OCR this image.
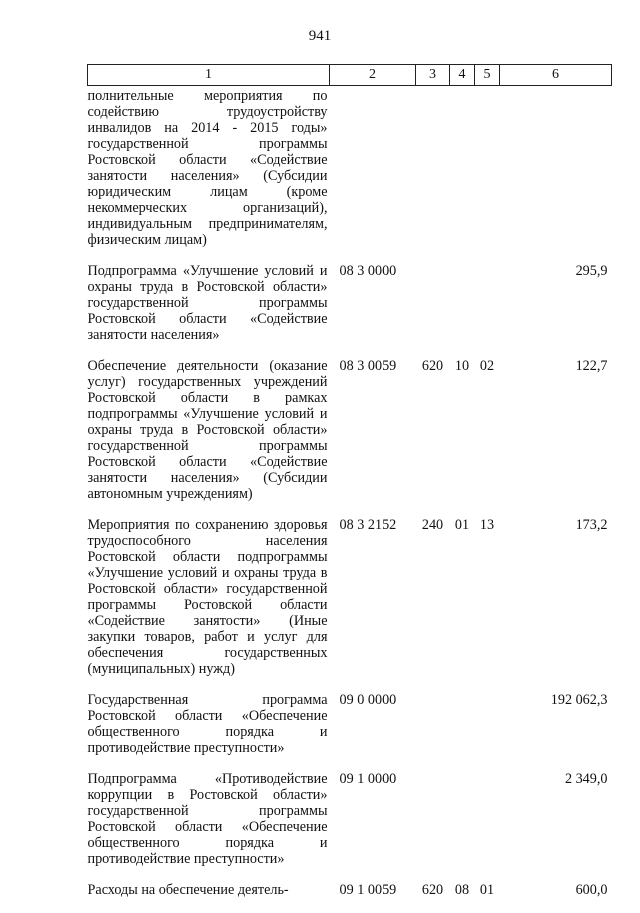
941
1	2	3	4	5	6
полнительные мероприятия по содействию трудоустройству инвалидов на 2014 - 2015 годы» государственной программы Ростовской области «Содействие занятости населения» (Субсидии юридическим лицам (кроме некоммерческих организаций), индивидуальным предпринимателям, физическим лицам)					
Подпрограмма «Улучшение условий и охраны труда в Ростовской области» государственной программы Ростовской области «Содействие занятости населения»	08 3 0000				295,9
Обеспечение деятельности (оказание услуг) государственных учреждений Ростовской области в рамках подпрограммы «Улучшение условий и охраны труда в Ростовской области» государственной программы Ростовской области «Содействие занятости населения» (Субсидии автономным учреждениям)	08 3 0059	620	10	02	122,7
Мероприятия по сохранению здоровья трудоспособного населения Ростовской области подпрограммы «Улучшение условий и охраны труда в Ростовской области» государственной программы Ростовской области «Содействие занятости» (Иные закупки товаров, работ и услуг для обеспечения государственных (муниципальных) нужд)	08 3 2152	240	01	13	173,2
Государственная программа Ростовской области «Обеспечение общественного порядка и противодействие преступности»	09 0 0000				192 062,3
Подпрограмма «Противодействие коррупции в Ростовской области» государственной программы Ростовской области «Обеспечение общественного порядка и противодействие преступности»	09 1 0000				2 349,0
Расходы на обеспечение деятель-	09 1 0059	620	08	01	600,0
